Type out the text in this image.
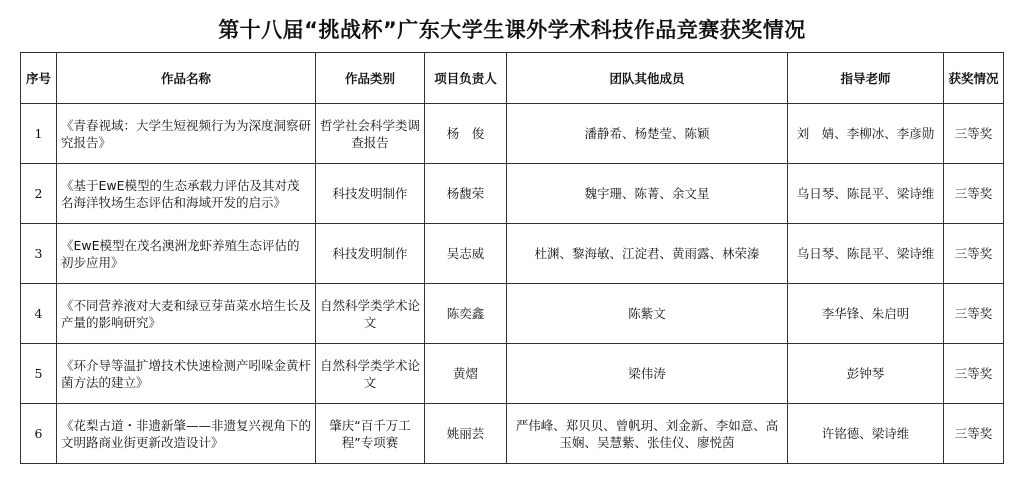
第十八届“挑战杯”广东大学生课外学术科技作品竞赛获奖情况
序号	作品名称	作品类别	项目负责人	团队其他成员	指导老师	获奖情况
1	《青春视域：大学生短视频行为为深度洞察研究报告》	哲学社会科学类调查报告	杨　俊	潘静希、杨楚莹、陈颖	刘　婧、李柳冰、李彦勋	三等奖
2	《基于EwE模型的生态承载力评估及其对茂名海洋牧场生态评估和海域开发的启示》	科技发明制作	杨馥荣	魏宇珊、陈菁、余文星	乌日琴、陈昆平、梁诗维	三等奖
3	《EwE模型在茂名澳洲龙虾养殖生态评估的初步应用》	科技发明制作	吴志威	杜渊、黎海敏、江淀君、黄雨露、林荣溱	乌日琴、陈昆平、梁诗维	三等奖
4	《不同营养液对大麦和绿豆芽苗菜水培生长及产量的影响研究》	自然科学类学术论文	陈奕鑫	陈紫文	李华锋、朱启明	三等奖
5	《环介导等温扩增技术快速检测产吲哚金黄杆菌方法的建立》	自然科学类学术论文	黄熠	梁伟涛	彭钟琴	三等奖
6	《花梨古道・非遗新肇——非遗复兴视角下的文明路商业街更新改造设计》	肇庆“百千万工程”专项赛	姚丽芸	严伟峰、郑贝贝、曾帆玥、刘金新、李如意、高玉娴、吴慧紫、张佳仪、廖悦茵	许铭德、梁诗维	三等奖
